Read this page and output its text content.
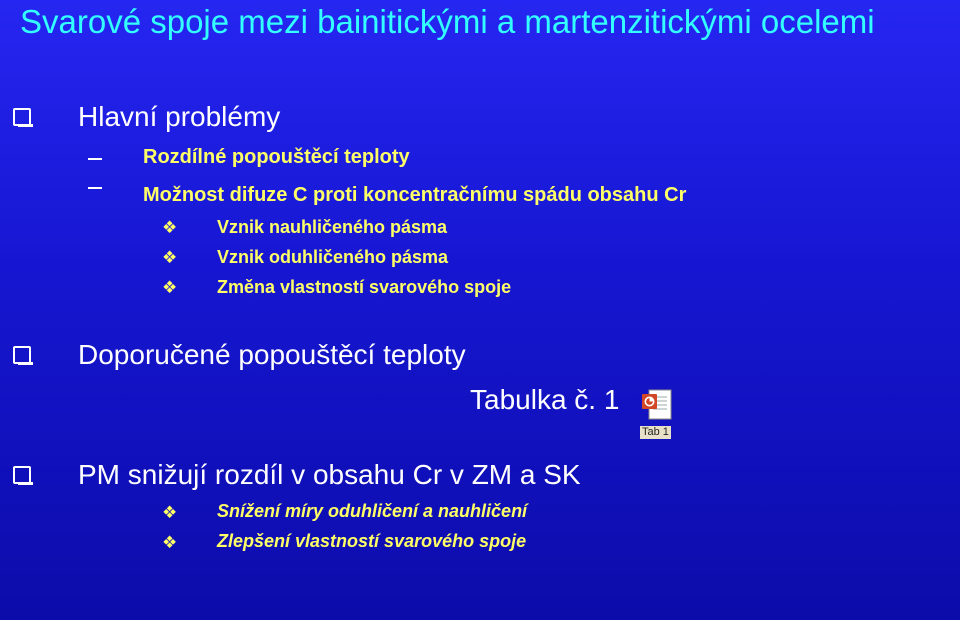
Svarové spoje mezi bainitickými a martenzitickými ocelemi
Hlavní problémy
Rozdílné popouštěcí teploty
Možnost difuze C proti koncentračnímu spádu obsahu Cr
❖ Vznik nauhličeného pásma
❖ Vznik oduhličeného pásma
❖ Změna vlastností svarového spoje
Doporučené popouštěcí teploty
Tabulka č. 1
Tab 1
PM snižují rozdíl v obsahu Cr v ZM a SK
❖ Snížení míry oduhličení a nauhličení
❖ Zlepšení vlastností svarového spoje
